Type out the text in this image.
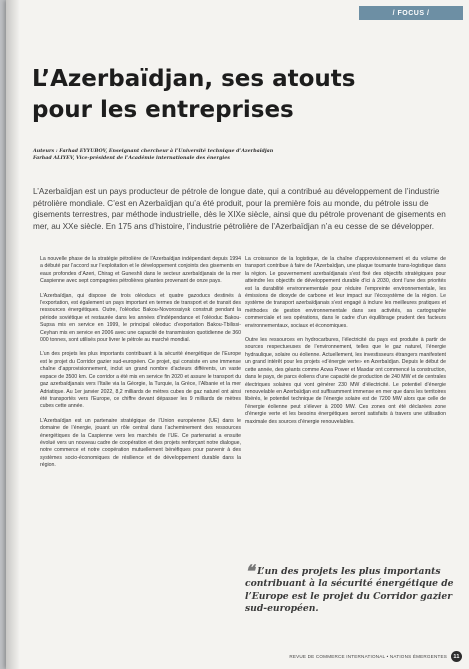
/ FOCUS /
L’Azerbaïdjan, ses atouts
pour les entreprises
Auteurs : Farhad EYYUBOV, Enseignant chercheur à l’Université technique d’Azerbaïdjan
Farhad ALIYEV, Vice-président de l’Académie internationale des énergies

L’Azerbaïdjan est un pays producteur de pétrole de longue date, qui a contribué au développement de l’industrie pétrolière mondiale. C’est en Azerbaïdjan qu’a été produit, pour la première fois au monde, du pétrole issu de gisements terrestres, par méthode industrielle, dès le XIXe siècle, ainsi que du pétrole provenant de gisements en mer, au XXe siècle. En 175 ans d’histoire, l’industrie pétrolière de l’Azerbaïdjan n’a eu cesse de se développer.

La nouvelle phase de la stratégie pétrolière de l’Azerbaïdjan indépendant depuis 1994 a débuté par l’accord sur l’exploitation et le développement conjoints des gisements en eaux profondes d’Azeri, Chirag et Guneshli dans le secteur azerbaïdjanais de la mer Caspienne avec sept compagnies pétrolières géantes provenant de onze pays.

L’Azerbaïdjan, qui dispose de trois oléoducs et quatre gazoducs destinés à l’exportation, est également un pays important en termes de transport et de transit des ressources énergétiques. Outre, l’oléoduc Bakou-Novorossiysk construit pendant la période soviétique et restaurée dans les années d’indépendance et l’oléoduc Bakou-Supsa mis en service en 1999, le principal oléoduc d’exportation Bakou-Tbilissi-Ceyhan mis en service en 2006 avec une capacité de transmission quotidienne de 360 000 tonnes, sont utilisés pour livrer le pétrole au marché mondial.

L’un des projets les plus importants contribuant à la sécurité énergétique de l’Europe est le projet du Corridor gazier sud-européen. Ce projet, qui consiste en une immense chaîne d’approvisionnement, inclut un grand nombre d’acteurs différents, un vaste espace de 3500 km. Ce corridor a été mis en service fin 2020 et assure le transport du gaz azerbaïdjanais vers l’Italie via la Géorgie, la Turquie, la Grèce, l’Albanie et la mer Adriatique. Au 1er janvier 2022, 8,2 milliards de mètres cubes de gaz naturel ont ainsi été transportés vers l’Europe, ce chiffre devant dépasser les 9 milliards de mètres cubes cette année.

L’Azerbaïdjan est un partenaire stratégique de l’Union européenne (UE) dans le domaine de l’énergie, jouant un rôle central dans l’acheminement des ressources énergétiques de la Caspienne vers les marchés de l’UE. Ce partenariat a ensuite évolué vers un nouveau cadre de coopération et des projets renforçant notre dialogue, notre commerce et notre coopération mutuellement bénéfiques pour parvenir à des systèmes socio-économiques de résilience et de développement durable dans la région.

La croissance de la logistique, de la chaîne d’approvisionnement et du volume de transport contribue à faire de l’Azerbaïdjan, une plaque tournante trans-logistique dans la région. Le gouvernement azerbaïdjanais s’est fixé des objectifs stratégiques pour atteindre les objectifs de développement durable d’ici à 2030, dont l’une des priorités est la durabilité environnementale pour réduire l’empreinte environnementale, les émissions de dioxyde de carbone et leur impact sur l’écosystème de la région. Le système de transport azerbaïdjanais s’est engagé à inclure les meilleures pratiques et méthodes de gestion environnementale dans ses activités, sa cartographie commerciale et ses opérations, dans le cadre d’un équilibrage prudent des facteurs environnementaux, sociaux et économiques.

Outre les ressources en hydrocarbures, l’électricité du pays est produite à partir de sources respectueuses de l’environnement, telles que le gaz naturel, l’énergie hydraulique, solaire ou éolienne. Actuellement, les investisseurs étrangers manifestent un grand intérêt pour les projets «d’énergie verte» en Azerbaïdjan. Depuis le début de cette année, des géants comme Acwa Power et Masdar ont commencé la construction, dans le pays, de parcs éoliens d’une capacité de production de 240 MW et de centrales électriques solaires qui vont générer 230 MW d’électricité. Le potentiel d’énergie renouvelable en Azerbaïdjan est suffisamment immense en mer que dans les territoires libérés, le potentiel technique de l’énergie solaire est de 7200 MW alors que celle de l’énergie éolienne peut s’élever à 2000 MW. Ces zones ont été déclarées zone d’énergie verte et les besoins énergétiques seront satisfaits à travers une utilisation maximale des sources d’énergie renouvelables.

❝ L’un des projets les plus importants contribuant à la sécurité énergétique de l’Europe est le projet du Corridor gazier sud-européen.
REVUE DE COMMERCE INTERNATIONAL • NATIONS ÉMERGENTES	11
